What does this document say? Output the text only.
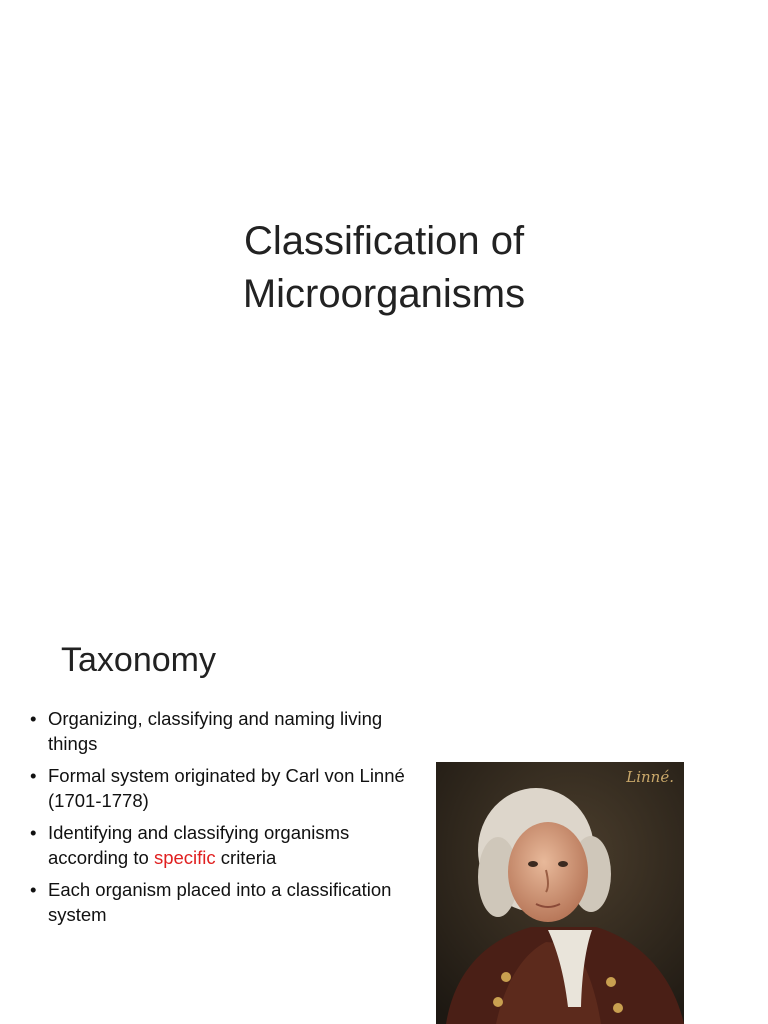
Classification of
Microorganisms
Taxonomy
• Organizing, classifying and naming living things
• Formal system originated by Carl von Linné (1701-1778)
• Identifying and classifying organisms according to specific criteria
• Each organism placed into a classification system
Linné.
